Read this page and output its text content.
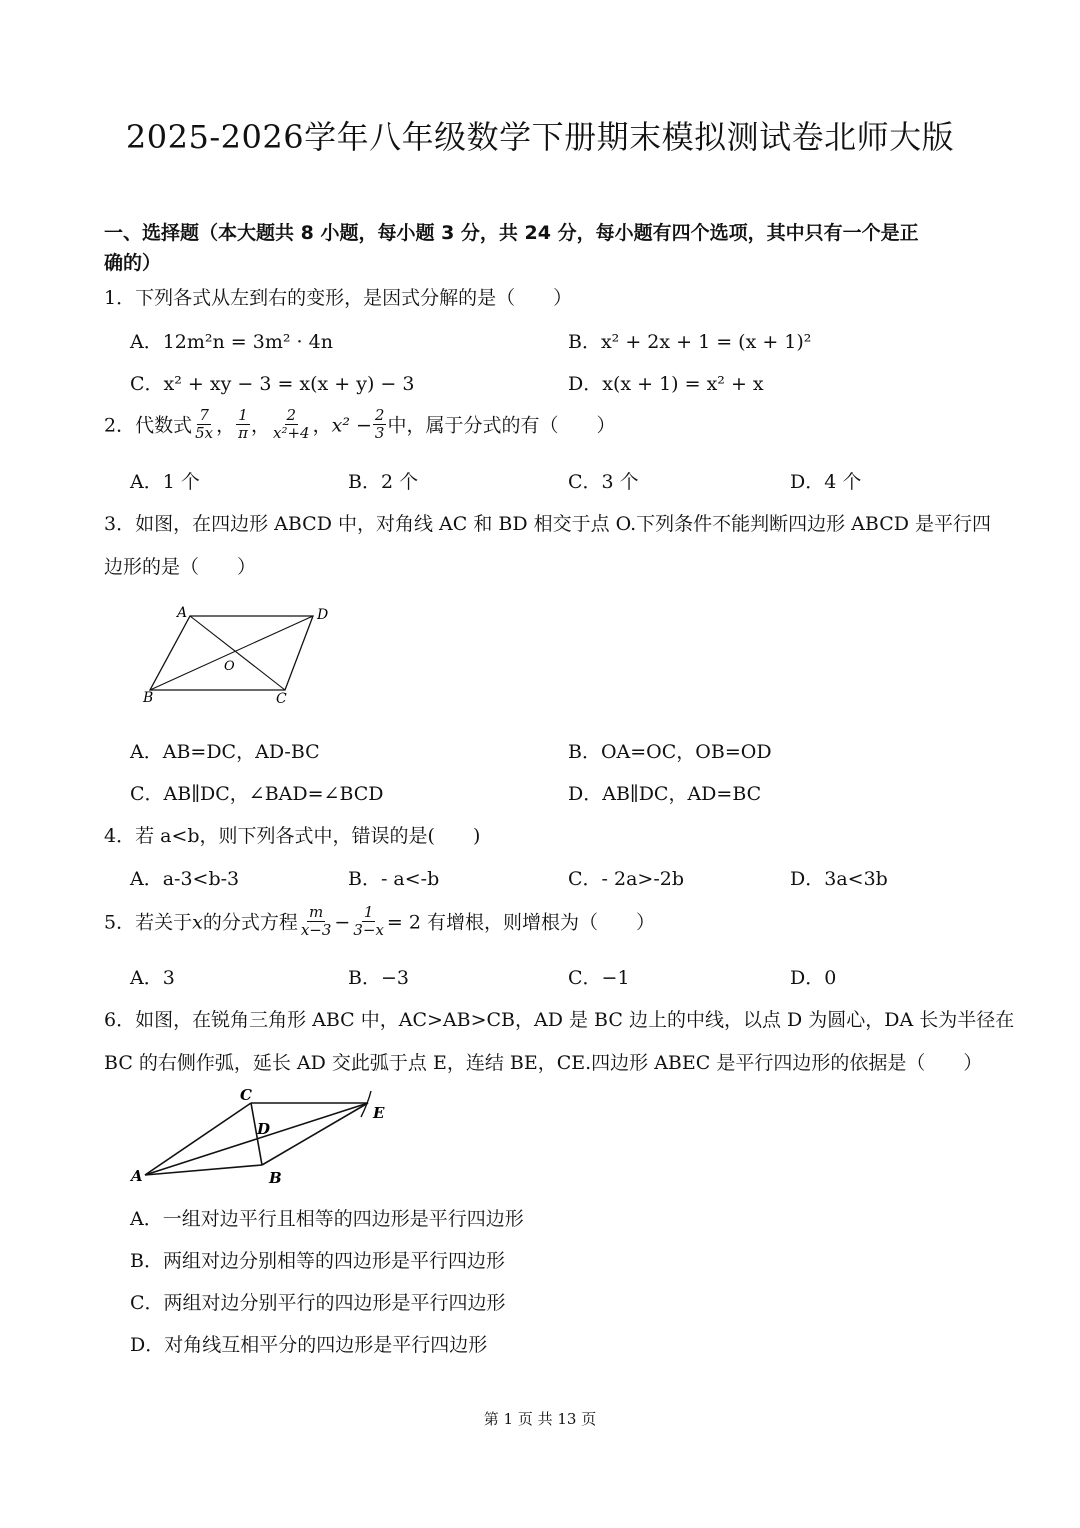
2025-2026学年八年级数学下册期末模拟测试卷北师大版
一、选择题（本大题共 8 小题，每小题 3 分，共 24 分，每小题有四个选项，其中只有一个是正
确的）
1．下列各式从左到右的变形，是因式分解的是（　　）
A．12m²n = 3m² · 4n	B．x² + 2x + 1 = (x + 1)²
C．x² + xy − 3 = x(x + y) − 3	D．x(x + 1) = x² + x
2．代数式 $\frac{7}{5x}$ ， $\frac{1}{\pi}$ ， $\frac{2}{\text{x²+4}}$ ，$x^2 - \frac{2}{3}$ 中，属于分式的有（　　）
A．1 个	B．2 个	C．3 个	D．4 个
3．如图，在四边形 ABCD 中，对角线 AC 和 BD 相交于点 O.下列条件不能判断四边形 ABCD 是平行四
边形的是（　　）
A	D
O
B	C
A．AB=DC，AD-BC	B．OA=OC，OB=OD
C．AB∥DC，∠BAD=∠BCD	D．AB∥DC，AD=BC
4．若 a<b，则下列各式中，错误的是(　　)
A．a-3<b-3	B．- a<-b	C．- 2a>-2b	D．3a<3b
5．若关于x的分式方程 $\frac{m}{x-3} - \frac{1}{3-x} = 2$ 有增根，则增根为（　　）
A．3	B．−3	C．−1	D．0
6．如图，在锐角三角形 ABC 中，AC>AB>CB，AD 是 BC 边上的中线，以点 D 为圆心，DA 长为半径在
BC 的右侧作弧，延长 AD 交此弧于点 E，连结 BE，CE.四边形 ABEC 是平行四边形的依据是（　　）
C
D
E
A	B
A．一组对边平行且相等的四边形是平行四边形
B．两组对边分别相等的四边形是平行四边形
C．两组对边分别平行的四边形是平行四边形
D．对角线互相平分的四边形是平行四边形
第 1 页 共 13 页
